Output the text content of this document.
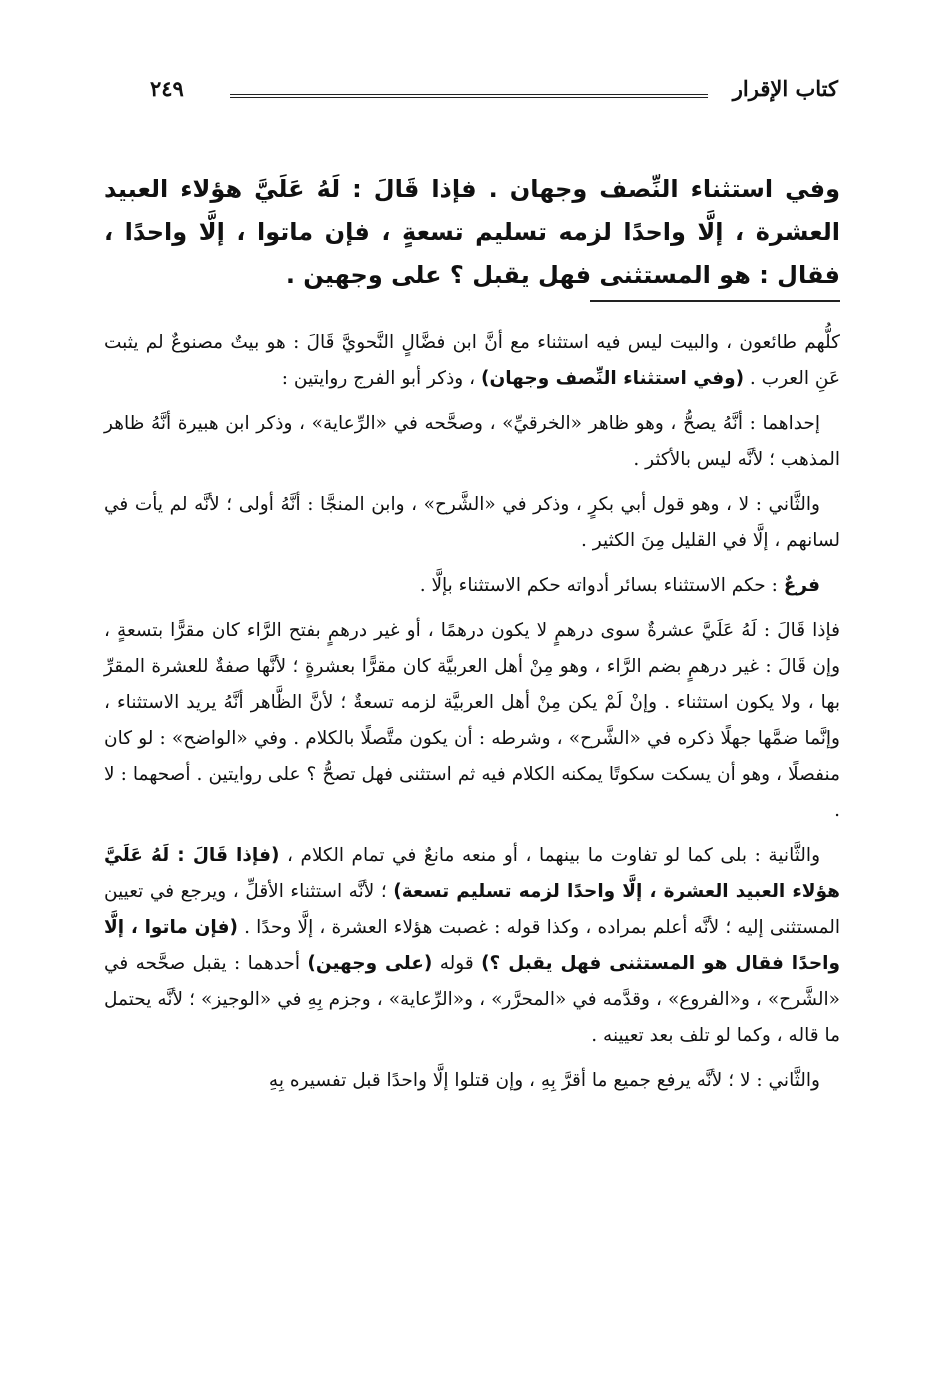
كتاب الإقرار
٢٤٩
وفي استثناء النِّصف وجهان . فإذا قَالَ : لَهُ عَلَيَّ هؤلاء العبيد العشرة ، إلَّا واحدًا لزمه تسليم تسعةٍ ، فإن ماتوا ، إلَّا واحدًا ، فقال : هو المستثنى فهل يقبل ؟ على وجهين .

كلُّهم طائعون ، والبيت ليس فيه استثناء مع أنَّ ابن فضَّالٍ النَّحويَّ قَالَ : هو بيتٌ مصنوعٌ لم يثبت عَنِ العرب . (وفي استثناء النِّصف وجهان) ، وذكر أبو الفرج روايتين :

إحداهما : أنَّهُ يصحُّ ، وهو ظاهر «الخرقيِّ» ، وصحَّحه في «الرِّعاية» ، وذكر ابن هبيرة أنَّهُ ظاهر المذهب ؛ لأنَّه ليس بالأكثر .

والثَّاني : لا ، وهو قول أبي بكرٍ ، وذكر في «الشَّرح» ، وابن المنجَّا : أنَّهُ أولى ؛ لأنَّه لم يأت في لسانهم ، إلَّا في القليل مِنَ الكثير .

فرعٌ : حكم الاستثناء بسائر أدواته حكم الاستثناء بإلَّا .

فإذا قَالَ : لَهُ عَلَيَّ عشرةٌ سوى درهمٍ لا يكون درهمًا ، أو غير درهمٍ بفتح الرَّاء كان مقرًّا بتسعةٍ ، وإن قَالَ : غير درهمٍ بضم الرَّاء ، وهو مِنْ أهل العربيَّة كان مقرًّا بعشرةٍ ؛ لأنَّها صفةٌ للعشرة المقرِّ بها ، ولا يكون استثناء . وإنْ لَمْ يكن مِنْ أهل العربيَّة لزمه تسعةٌ ؛ لأنَّ الظَّاهر أنَّهُ يريد الاستثناء ، وإنَّما ضمَّها جهلًا ذكره في «الشَّرح» ، وشرطه : أن يكون متَّصلًا بالكلام . وفي «الواضح» : لو كان منفصلًا ، وهو أن يسكت سكوتًا يمكنه الكلام فيه ثم استثنى فهل تصحُّ ؟ على روايتين . أصحهما : لا .

والثَّانية : بلى كما لو تفاوت ما بينهما ، أو منعه مانعٌ في تمام الكلام ، (فإذا قَالَ : لَهُ عَلَيَّ هؤلاء العبيد العشرة ، إلَّا واحدًا لزمه تسليم تسعة) ؛ لأنَّه استثناء الأقلِّ ، ويرجع في تعيين المستثنى إليه ؛ لأنَّه أعلم بمراده ، وكذا قوله : غصبت هؤلاء العشرة ، إلَّا وحدًا . (فإن ماتوا ، إلَّا واحدًا فقال هو المستثنى فهل يقبل ؟) قوله (على وجهين) أحدهما : يقبل صحَّحه في «الشَّرح» ، و«الفروع» ، وقدَّمه في «المحرَّر» ، و«الرِّعاية» ، وجزم بِهِ في «الوجيز» ؛ لأنَّه يحتمل ما قاله ، وكما لو تلف بعد تعيينه .

والثَّاني : لا ؛ لأنَّه يرفع جميع ما أقرَّ بِهِ ، وإن قتلوا إلَّا واحدًا قبل تفسيره بِهِ
